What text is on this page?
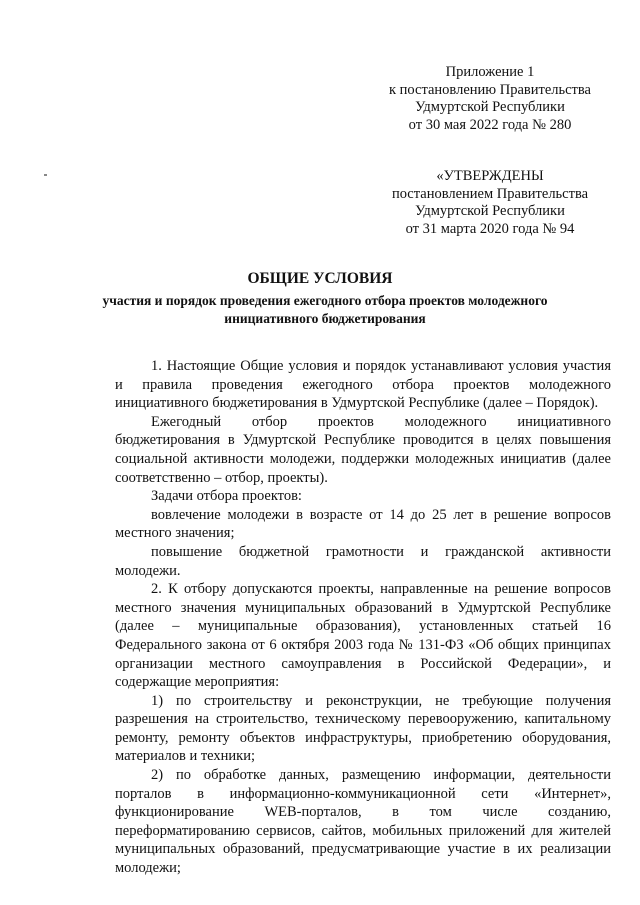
Приложение 1
к постановлению Правительства
Удмуртской Республики
от 30 мая 2022 года № 280
«УТВЕРЖДЕНЫ
постановлением Правительства
Удмуртской Республики
от 31 марта 2020 года № 94
ОБЩИЕ УСЛОВИЯ
участия и порядок проведения ежегодного отбора проектов молодежного инициативного бюджетирования

1. Настоящие Общие условия и порядок устанавливают условия участия и правила проведения ежегодного отбора проектов молодежного инициативного бюджетирования в Удмуртской Республике (далее – Порядок).

Ежегодный отбор проектов молодежного инициативного бюджетирования в Удмуртской Республике проводится в целях повышения социальной активности молодежи, поддержки молодежных инициатив (далее соответственно – отбор, проекты).

Задачи отбора проектов:

вовлечение молодежи в возрасте от 14 до 25 лет в решение вопросов местного значения;

повышение бюджетной грамотности и гражданской активности молодежи.

2. К отбору допускаются проекты, направленные на решение вопросов местного значения муниципальных образований в Удмуртской Республике (далее – муниципальные образования), установленных статьей 16 Федерального закона от 6 октября 2003 года № 131-ФЗ «Об общих принципах организации местного самоуправления в Российской Федерации», и содержащие мероприятия:

1) по строительству и реконструкции, не требующие получения разрешения на строительство, техническому перевооружению, капитальному ремонту, ремонту объектов инфраструктуры, приобретению оборудования, материалов и техники;

2) по обработке данных, размещению информации, деятельности порталов в информационно-коммуникационной сети «Интернет», функционирование WEB-порталов, в том числе созданию, переформатированию сервисов, сайтов, мобильных приложений для жителей муниципальных образований, предусматривающие участие в их реализации молодежи;
